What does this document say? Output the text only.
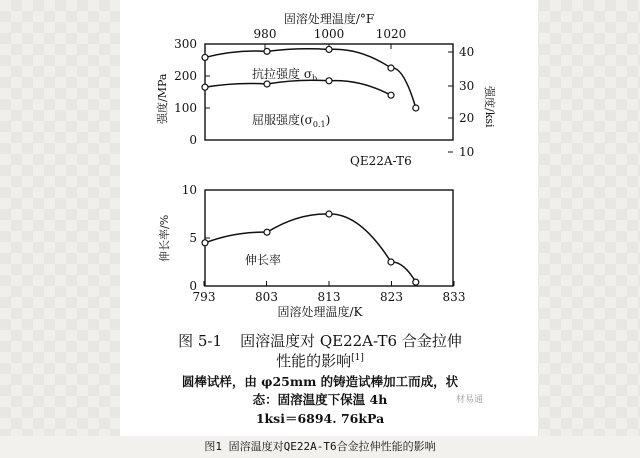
固溶处理温度/°F
980	1000	1020
0
100
200
300
10
20
30
40
强度/MPa	强度/ksi
抗拉强度 $\sigma_b$
屈服强度$(\sigma_{0.1})$
QE22A-T6
0
5
10
793	803	813	823	833
伸长率/%
固溶处理温度/K
伸长率
图 5-1 固溶温度对 QE22A-T6 合金拉伸
性能的影响[1]
圆棒试样，由 φ25mm 的铸造试棒加工而成，状
态：固溶温度下保温 4h
1ksi＝6894. 76kPa
材易通
图1 固溶温度对QE22A-T6合金拉伸性能的影响
